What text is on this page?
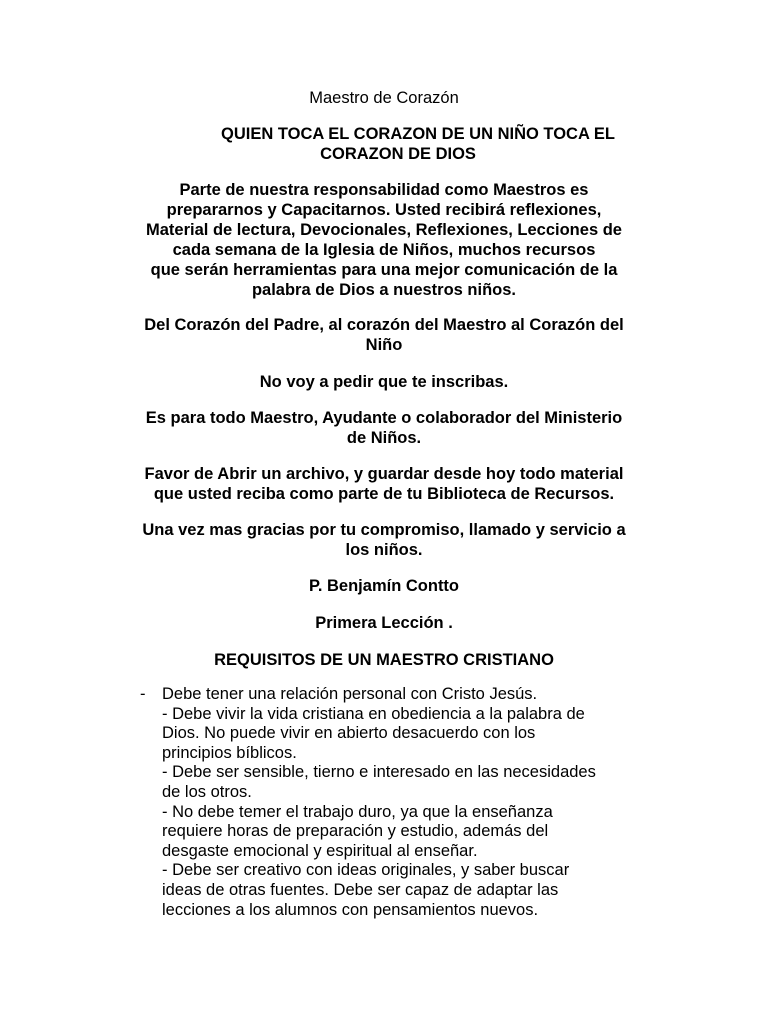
Maestro de Corazón

QUIEN TOCA EL CORAZON DE UN NIÑO TOCA EL
CORAZON DE DIOS

Parte de nuestra responsabilidad como Maestros es
prepararnos y Capacitarnos. Usted recibirá reflexiones,
Material de lectura, Devocionales, Reflexiones, Lecciones de
cada semana de la Iglesia de Niños, muchos recursos
que serán herramientas para una mejor comunicación de la
palabra de Dios a nuestros niños.

Del Corazón del Padre, al corazón del Maestro al Corazón del
Niño

No voy a pedir que te inscribas.

Es para todo Maestro, Ayudante o colaborador del Ministerio
de Niños.

Favor de Abrir un archivo, y guardar desde hoy todo material
que usted reciba como parte de tu Biblioteca de Recursos.

Una vez mas gracias por tu compromiso, llamado y servicio a
los niños.

P. Benjamín Contto

Primera Lección .

REQUISITOS DE UN MAESTRO CRISTIANO

- Debe tener una relación personal con Cristo Jesús.
- Debe vivir la vida cristiana en obediencia a la palabra de
Dios. No puede vivir en abierto desacuerdo con los
principios bíblicos.
- Debe ser sensible, tierno e interesado en las necesidades
de los otros.
- No debe temer el trabajo duro, ya que la enseñanza
requiere horas de preparación y estudio, además del
desgaste emocional y espiritual al enseñar.
- Debe ser creativo con ideas originales, y saber buscar
ideas de otras fuentes. Debe ser capaz de adaptar las
lecciones a los alumnos con pensamientos nuevos.
